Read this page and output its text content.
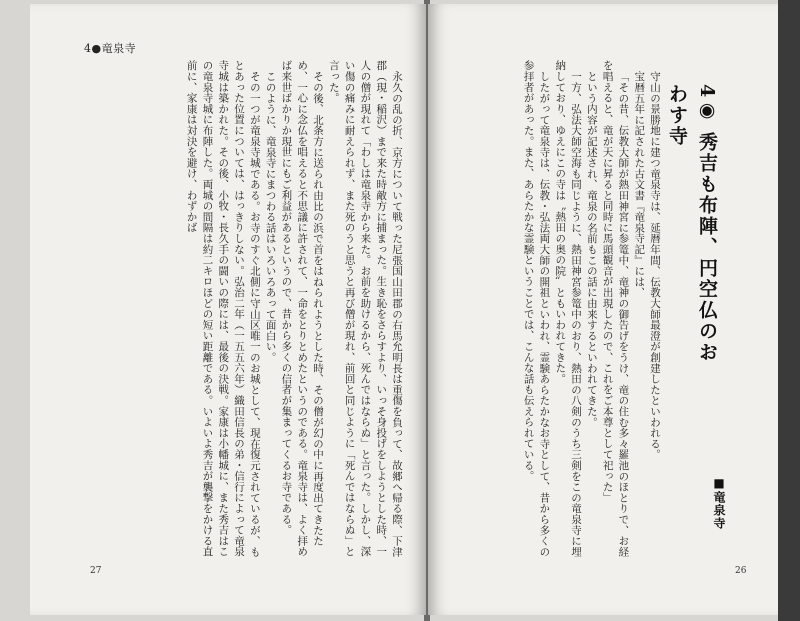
4●竜泉寺

永久の乱の折、京方について戦った尼張国山田郡の右馬允明長は重傷を負って、故郷へ帰る際、下津郡（現・稲沢）まで来た時敵方に捕まった。生き恥をさらすより、いっそ身投げをしようとした時、一人の僧が現れて「わしは竜泉寺から来た。お前を助けるから、死んではならぬ」と言った。しかし、深い傷の痛みに耐えられず、また死のうと思うと再び僧が現れ、前回と同じように「死んではならぬ」と言った。

その後、北条方に送られ由比の浜で首をはねられようとした時、その僧が幻の中に再度出てきたため、一心に念仏を唱えると不思議に許されて、一命をとりとめたというのである。竜泉寺は、よく拝めば来世ばかりか現世にもご利益があるというので、昔から多くの信者が集まってくるお寺である。

このように、竜泉寺にまつわる話はいろいろあって面白い。

その一つが竜泉寺城である。お寺のすぐ北側に守山区唯一のお城として、現在復元されているが、もとあった位置については、はっきりしない。弘治二年（一五五六年）織田信長の弟・信行によって竜泉寺城は築かれた。その後、小牧・長久手の闘いの際には、最後の決戦。家康は小幡城に、また秀吉はこの竜泉寺城に布陣した。両城の間隔は約二キロほどの短い距離である。いよいよ秀吉が襲撃をかける直前に、家康は対決を避け、わずかば	4◉ 秀吉も布陣、円空仏のおわす寺

守山の景勝地に建つ竜泉寺は、延暦年間、伝教大師最澄が創建したといわれる。

宝暦五年に記された古文書『竜泉寺記』には、

「その昔、伝教大師が熱田神宮に参篭中、竜神の御告げをうけ、竜の住む多々羅池のほとりで、お経を唱えると、竜が天に昇ると同時に馬頭観音が出現したので、これをご本尊として祀った」

という内容が記述され、竜泉の名前もこの話に由来するといわれてきた。

一方、弘法大師空海も同じように、熱田神宮参篭中のおり、熱田の八剣のうち三剣をこの竜泉寺に埋納しており、ゆえにこの寺は〝熱田の奥の院〟ともいわれてきた。

したがって竜泉寺は、伝教・弘法両大師の開祖といわれ、霊験あらたかなお寺として、昔から多くの参拝者があった。また、あらたかな霊験ということでは、こんな話も伝えられている。

■竜泉寺
27	26
